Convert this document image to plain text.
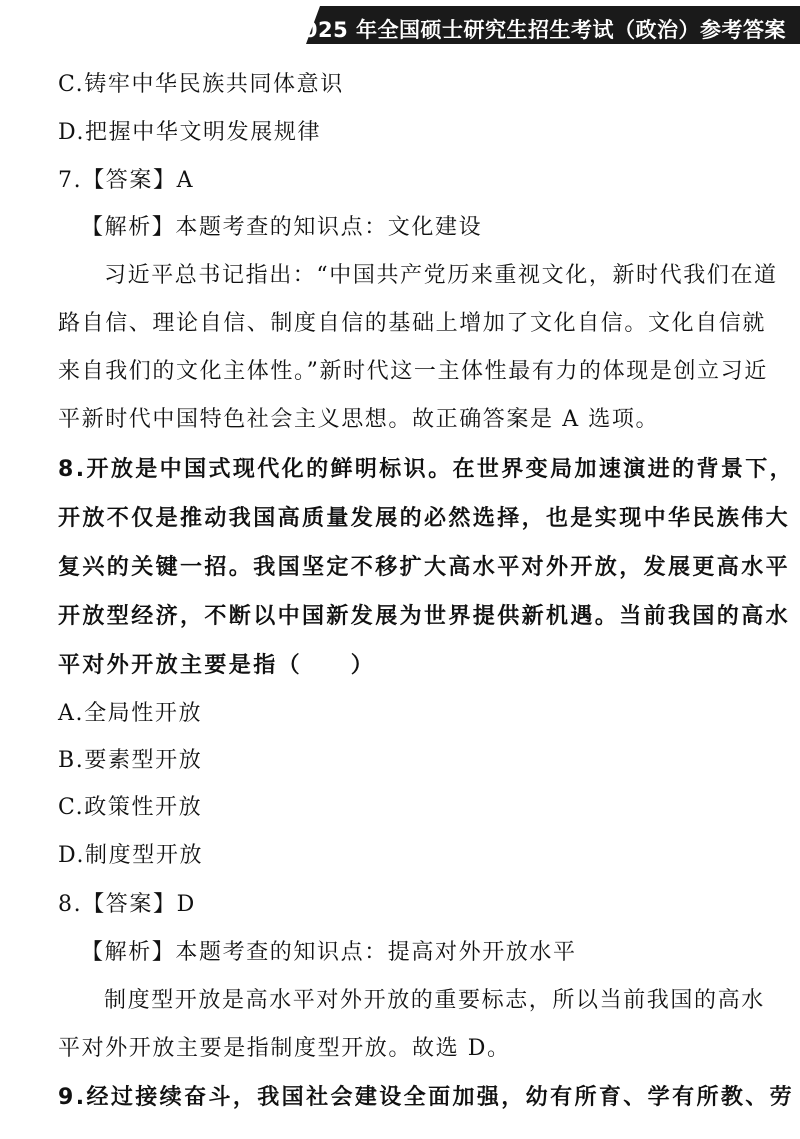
2025 年全国硕士研究生招生考试（政治）参考答案

C.铸牢中华民族共同体意识

D.把握中华文明发展规律

7.【答案】A

【解析】本题考查的知识点：文化建设

习近平总书记指出：“中国共产党历来重视文化，新时代我们在道

路自信、理论自信、制度自信的基础上增加了文化自信。文化自信就

来自我们的文化主体性。”新时代这一主体性最有力的体现是创立习近

平新时代中国特色社会主义思想。故正确答案是 A 选项。

8.开放是中国式现代化的鲜明标识。在世界变局加速演进的背景下，

开放不仅是推动我国高质量发展的必然选择，也是实现中华民族伟大

复兴的关键一招。我国坚定不移扩大高水平对外开放，发展更高水平

开放型经济，不断以中国新发展为世界提供新机遇。当前我国的高水

平对外开放主要是指（　　）

A.全局性开放

B.要素型开放

C.政策性开放

D.制度型开放

8.【答案】D

【解析】本题考查的知识点：提高对外开放水平

制度型开放是高水平对外开放的重要标志，所以当前我国的高水

平对外开放主要是指制度型开放。故选 D。

9.经过接续奋斗，我国社会建设全面加强，幼有所育、学有所教、劳
